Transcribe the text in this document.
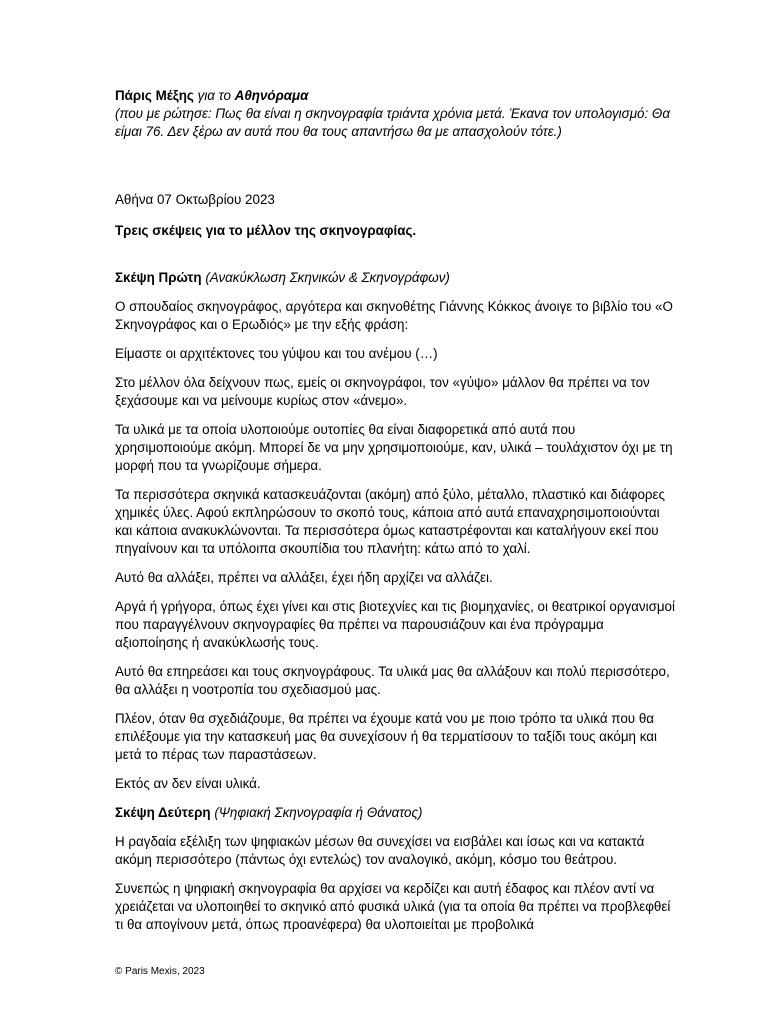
Πάρις Μέξης για το Αθηνόραμα

(που με ρώτησε: Πως θα είναι η σκηνογραφία τριάντα χρόνια μετά. Έκανα τον υπολογισμό: Θα είμαι 76. Δεν ξέρω αν αυτά που θα τους απαντήσω θα με απασχολούν τότε.)

Αθήνα 07 Οκτωβρίου 2023

Τρεις σκέψεις για το μέλλον της σκηνογραφίας.

Σκέψη Πρώτη (Ανακύκλωση Σκηνικών & Σκηνογράφων)

Ο σπουδαίος σκηνογράφος, αργότερα και σκηνοθέτης Γιάννης Κόκκος άνοιγε το βιβλίο του «Ο Σκηνογράφος και ο Ερωδιός» με την εξής φράση:

Είμαστε οι αρχιτέκτονες του γύψου και του ανέμου (…)

Στο μέλλον όλα δείχνουν πως, εμείς οι σκηνογράφοι, τον «γύψο» μάλλον θα πρέπει να τον ξεχάσουμε και να μείνουμε κυρίως στον «άνεμο».

Τα υλικά με τα οποία υλοποιούμε ουτοπίες θα είναι διαφορετικά από αυτά που χρησιμοποιούμε ακόμη. Μπορεί δε να μην χρησιμοποιούμε, καν, υλικά – τουλάχιστον όχι με τη μορφή που τα γνωρίζουμε σήμερα.

Τα περισσότερα σκηνικά κατασκευάζονται (ακόμη) από ξύλο, μέταλλο, πλαστικό και διάφορες χημικές ύλες. Αφού εκπληρώσουν το σκοπό τους, κάποια από αυτά επαναχρησιμοποιούνται και κάποια ανακυκλώνονται. Τα περισσότερα όμως καταστρέφονται και καταλήγουν εκεί που πηγαίνουν και τα υπόλοιπα σκουπίδια του πλανήτη: κάτω από το χαλί.

Αυτό θα αλλάξει, πρέπει να αλλάξει, έχει ήδη αρχίζει να αλλάζει.

Αργά ή γρήγορα, όπως έχει γίνει και στις βιοτεχνίες και τις βιομηχανίες, οι θεατρικοί οργανισμοί που παραγγέλνουν σκηνογραφίες θα πρέπει να παρουσιάζουν και ένα πρόγραμμα αξιοποίησης ή ανακύκλωσής τους.

Αυτό θα επηρεάσει και τους σκηνογράφους. Τα υλικά μας θα αλλάξουν και πολύ περισσότερο, θα αλλάξει η νοοτροπία του σχεδιασμού μας.

Πλέον, όταν θα σχεδιάζουμε, θα πρέπει να έχουμε κατά νου με ποιο τρόπο τα υλικά που θα επιλέξουμε για την κατασκευή μας θα συνεχίσουν ή θα τερματίσουν το ταξίδι τους ακόμη και μετά το πέρας των παραστάσεων.

Εκτός αν δεν είναι υλικά.

Σκέψη Δεύτερη (Ψηφιακή Σκηνογραφία ή Θάνατος)

Η ραγδαία εξέλιξη των ψηφιακών μέσων θα συνεχίσει να εισβάλει και ίσως και να κατακτά ακόμη περισσότερο (πάντως όχι εντελώς) τον αναλογικό, ακόμη, κόσμο του θεάτρου.

Συνεπώς η ψηφιακή σκηνογραφία θα αρχίσει να κερδίζει και αυτή έδαφος και πλέον αντί να χρειάζεται να υλοποιηθεί το σκηνικό από φυσικά υλικά (για τα οποία θα πρέπει να προβλεφθεί τι θα απογίνουν μετά, όπως προανέφερα) θα υλοποιείται με προβολικά

© Paris Mexis, 2023
